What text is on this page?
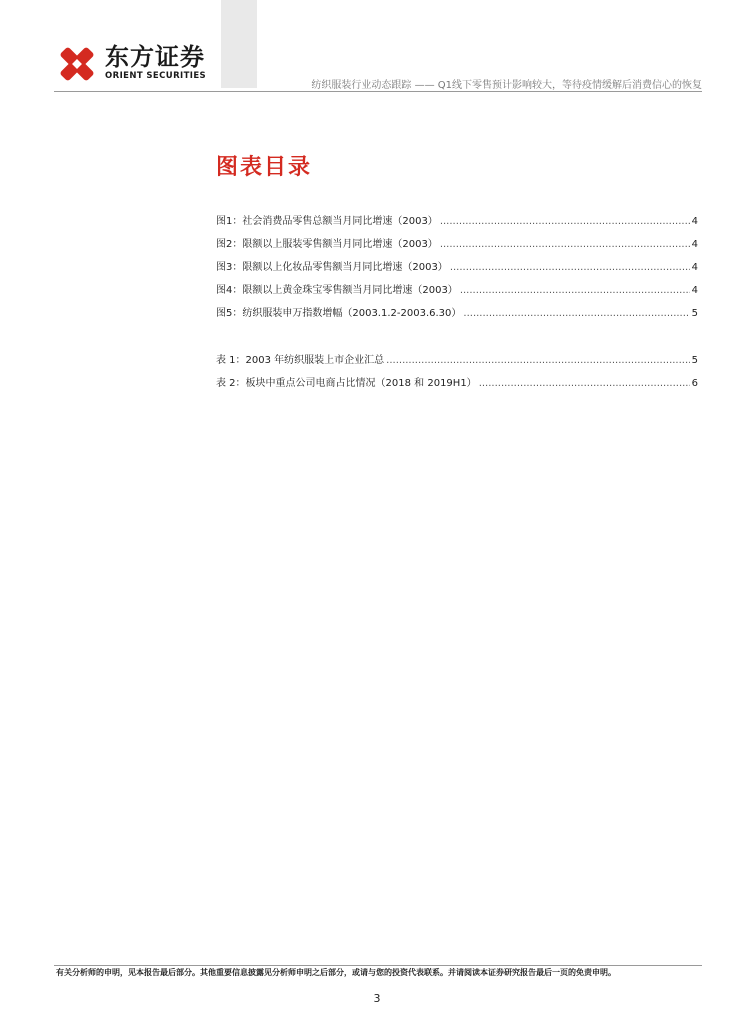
东方证券
ORIENT SECURITIES
纺织服装行业动态跟踪 —— Q1线下零售预计影响较大，等待疫情缓解后消费信心的恢复
图表目录
图1：社会消费品零售总额当月同比增速（2003） .....	4
图2：限额以上服装零售额当月同比增速（2003） .....	4
图3：限额以上化妆品零售额当月同比增速（2003） .....	4
图4：限额以上黄金珠宝零售额当月同比增速（2003） .....	4
图5：纺织服装申万指数增幅（2003.1.2-2003.6.30） .....	5
表 1：2003 年纺织服装上市企业汇总 .....	5
表 2：板块中重点公司电商占比情况（2018 和 2019H1） .....	6
有关分析师的申明，见本报告最后部分。其他重要信息披露见分析师申明之后部分，或请与您的投资代表联系。并请阅读本证券研究报告最后一页的免责申明。
3
